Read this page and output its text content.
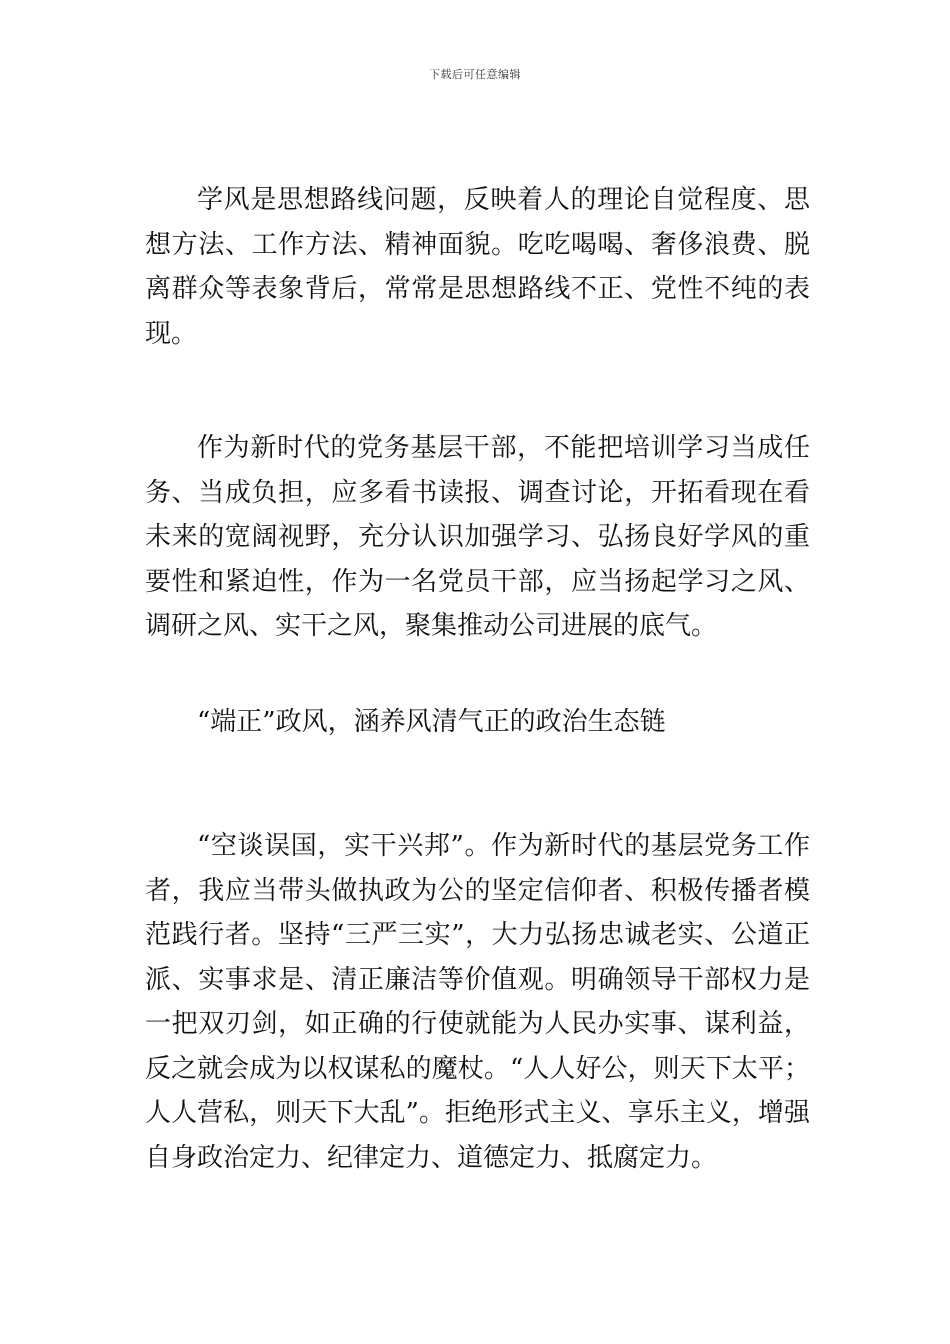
下载后可任意编辑

学风是思想路线问题，反映着人的理论自觉程度、思想方法、工作方法、精神面貌。吃吃喝喝、奢侈浪费、脱离群众等表象背后，常常是思想路线不正、党性不纯的表现。

作为新时代的党务基层干部，不能把培训学习当成任务、当成负担，应多看书读报、调查讨论，开拓看现在看未来的宽阔视野，充分认识加强学习、弘扬良好学风的重要性和紧迫性，作为一名党员干部，应当扬起学习之风、调研之风、实干之风，聚集推动公司进展的底气。

“端正”政风，涵养风清气正的政治生态链

“空谈误国，实干兴邦”。作为新时代的基层党务工作者，我应当带头做执政为公的坚定信仰者、积极传播者模范践行者。坚持“三严三实”，大力弘扬忠诚老实、公道正派、实事求是、清正廉洁等价值观。明确领导干部权力是一把双刃剑，如正确的行使就能为人民办实事、谋利益，反之就会成为以权谋私的魔杖。“人人好公，则天下太平；人人营私，则天下大乱”。拒绝形式主义、享乐主义，增强自身政治定力、纪律定力、道德定力、抵腐定力。
